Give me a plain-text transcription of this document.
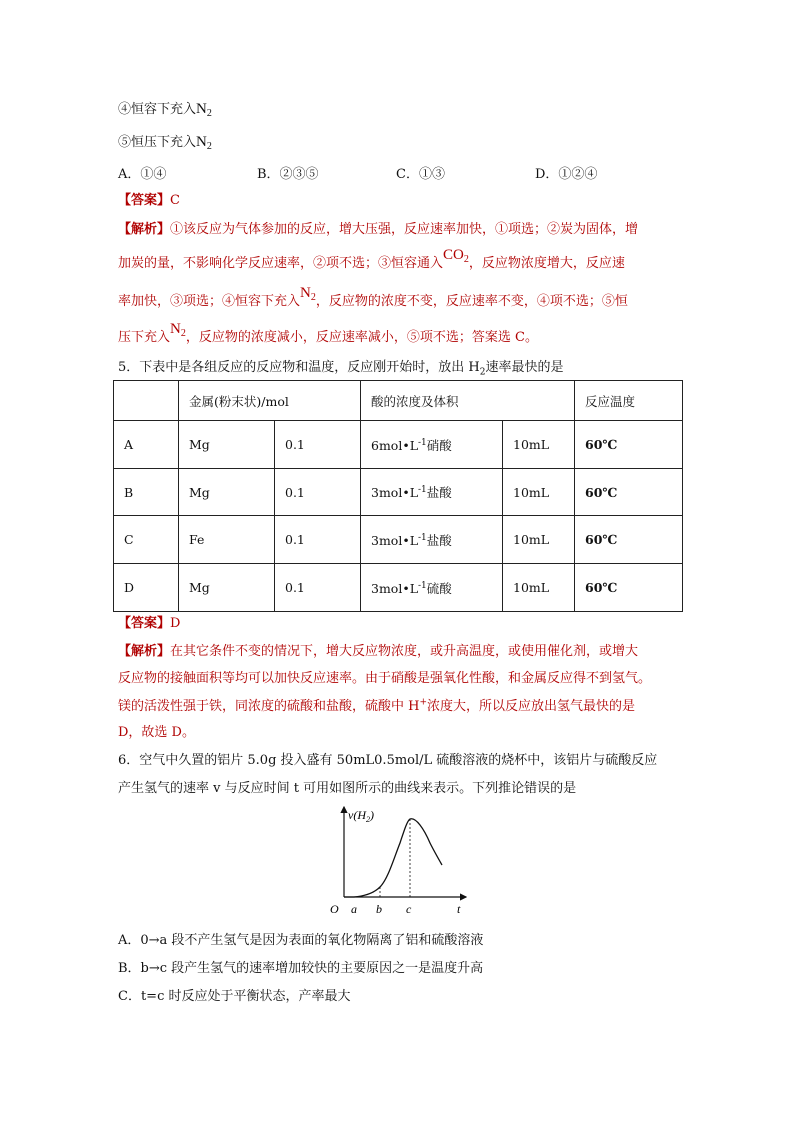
④恒容下充入$N_2$
⑤恒压下充入$N_2$
A．①④	B．②③⑤	C．①③	D．①②④
【答案】C
【解析】①该反应为气体参加的反应，增大压强，反应速率加快，①项选；②炭为固体，增
加炭的量，不影响化学反应速率，②项不选；③恒容通入$CO_2$，反应物浓度增大，反应速
率加快，③项选；④恒容下充入$N_2$，反应物的浓度不变，反应速率不变，④项不选；⑤恒
压下充入$N_2$，反应物的浓度减小，反应速率减小，⑤项不选；答案选 C。
5．下表中是各组反应的反应物和温度，反应刚开始时，放出 $H_2$速率最快的是
	金属(粉末状)/mol		酸的浓度及体积		反应温度
A	Mg	0.1	$6mol•L^{-1}$硝酸	10mL	60℃
B	Mg	0.1	$3mol•L^{-1}$盐酸	10mL	60℃
C	Fe	0.1	$3mol•L^{-1}$盐酸	10mL	60℃
D	Mg	0.1	$3mol•L^{-1}$硫酸	10mL	60℃
【答案】D
【解析】在其它条件不变的情况下，增大反应物浓度，或升高温度，或使用催化剂，或增大
反应物的接触面积等均可以加快反应速率。由于硝酸是强氧化性酸，和金属反应得不到氢气。
镁的活泼性强于铁，同浓度的硫酸和盐酸，硫酸中 H+浓度大，所以反应放出氢气最快的是
D，故选 D。
6．空气中久置的铝片 5.0g 投入盛有 50mL0.5mol/L 硫酸溶液的烧杯中，该铝片与硫酸反应
产生氢气的速率 v 与反应时间 t 可用如图所示的曲线来表示。下列推论错误的是
$v(H_2)$
O a b c	t
A．0→a 段不产生氢气是因为表面的氧化物隔离了铝和硫酸溶液
B．b→c 段产生氢气的速率增加较快的主要原因之一是温度升高
C．t=c 时反应处于平衡状态，产率最大
